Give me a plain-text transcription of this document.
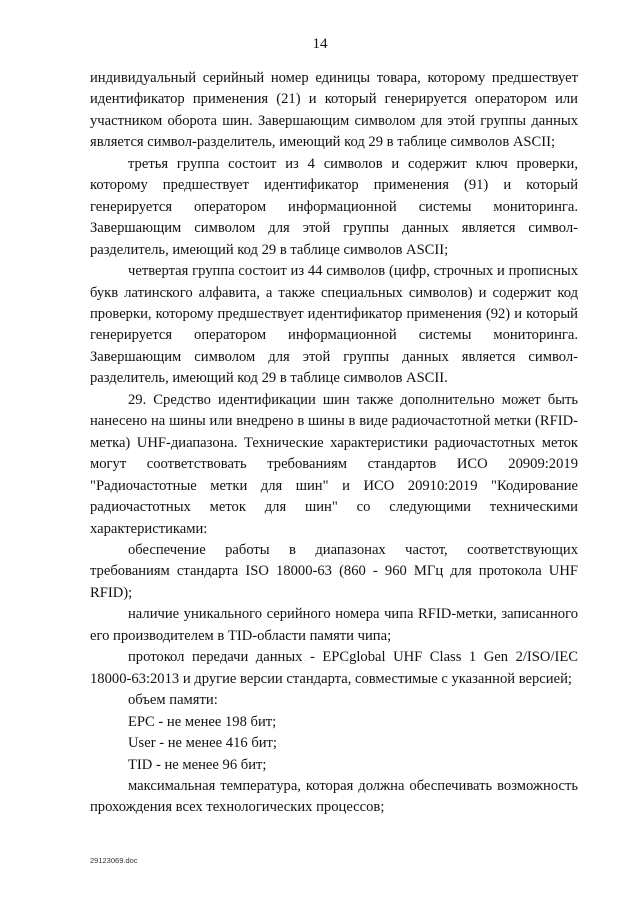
14

индивидуальный серийный номер единицы товара, которому предшествует идентификатор применения (21) и который генерируется оператором или участником оборота шин. Завершающим символом для этой группы данных является символ-разделитель, имеющий код 29 в таблице символов ASCII;

третья группа состоит из 4 символов и содержит ключ проверки, которому предшествует идентификатор применения (91) и который генерируется оператором информационной системы мониторинга. Завершающим символом для этой группы данных является символ-разделитель, имеющий код 29 в таблице символов ASCII;

четвертая группа состоит из 44 символов (цифр, строчных и прописных букв латинского алфавита, а также специальных символов) и содержит код проверки, которому предшествует идентификатор применения (92) и который генерируется оператором информационной системы мониторинга. Завершающим символом для этой группы данных является символ-разделитель, имеющий код 29 в таблице символов ASCII.

29. Средство идентификации шин также дополнительно может быть нанесено на шины или внедрено в шины в виде радиочастотной метки (RFID-метка) UHF-диапазона. Технические характеристики радиочастотных меток могут соответствовать требованиям стандартов ИСО 20909:2019 "Радиочастотные метки для шин" и ИСО 20910:2019 "Кодирование радиочастотных меток для шин" со следующими техническими характеристиками:

обеспечение работы в диапазонах частот, соответствующих требованиям стандарта ISO 18000-63 (860 - 960 МГц для протокола UHF RFID);

наличие уникального серийного номера чипа RFID-метки, записанного его производителем в TID-области памяти чипа;

протокол передачи данных - EPCglobal UHF Class 1 Gen 2/ISO/IEC 18000-63:2013 и другие версии стандарта, совместимые с указанной версией;

объем памяти:

EPC - не менее 198 бит;

User - не менее 416 бит;

TID - не менее 96 бит;

максимальная температура, которая должна обеспечивать возможность прохождения всех технологических процессов;

29123069.doc
